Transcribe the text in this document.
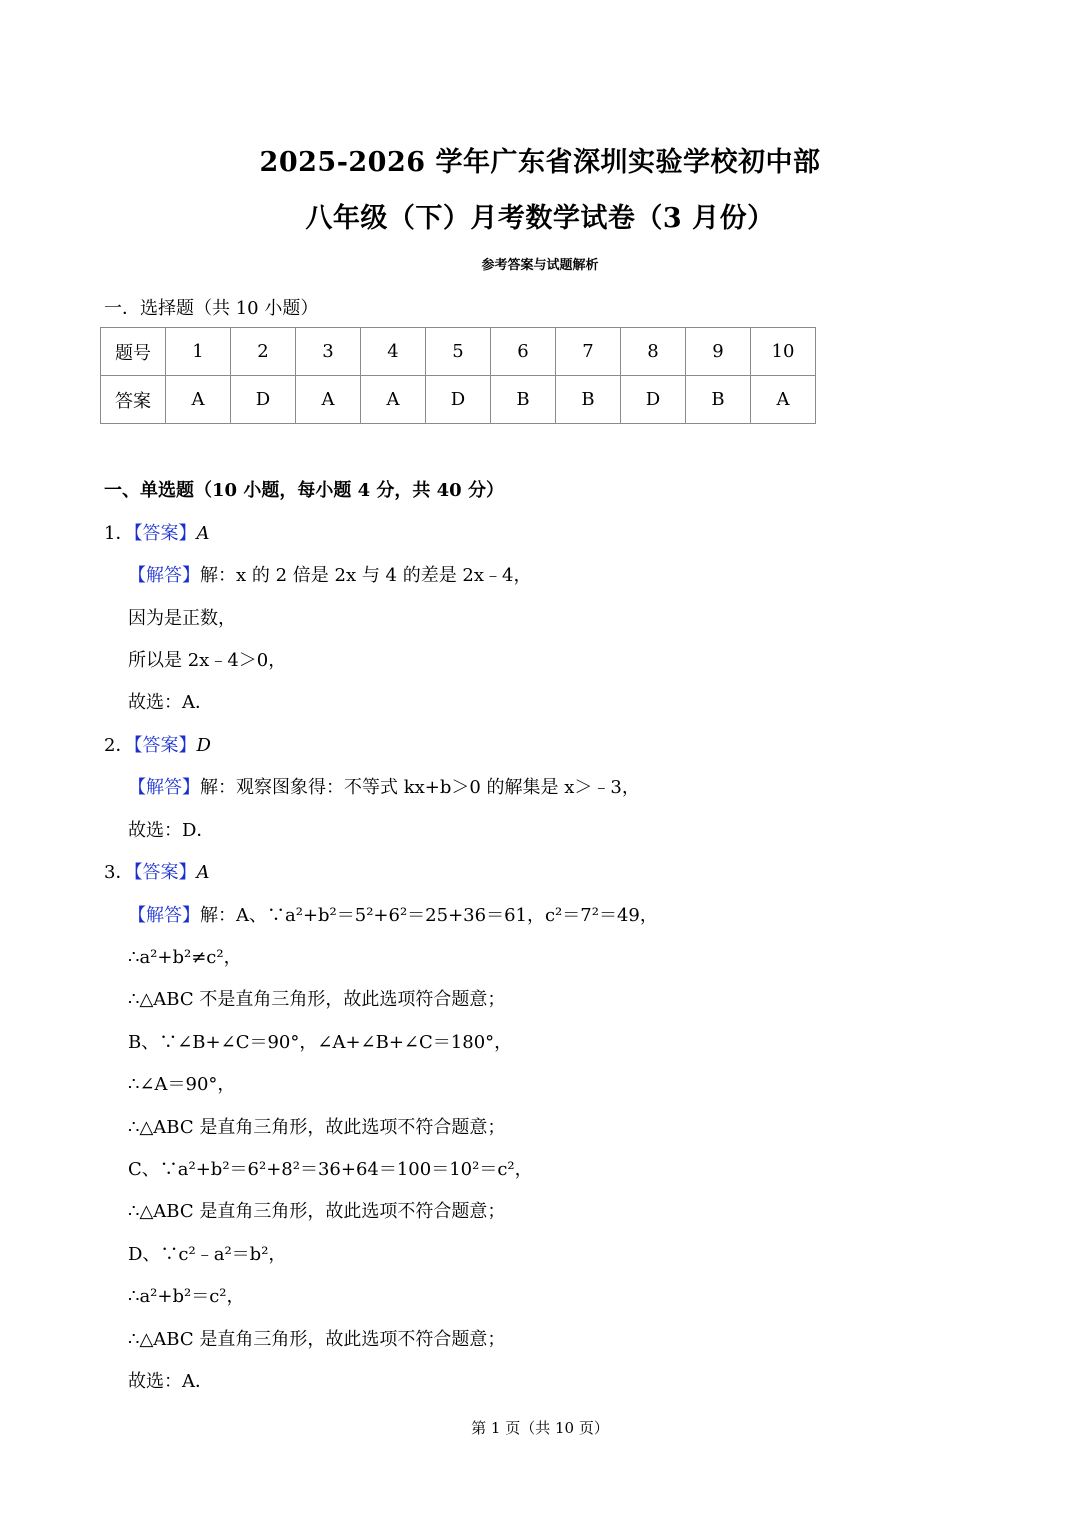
2025-2026 学年广东省深圳实验学校初中部
八年级（下）月考数学试卷（3 月份）
参考答案与试题解析
一．选择题（共 10 小题）
题号	1	2	3	4	5	6	7	8	9	10
答案	A	D	A	A	D	B	B	D	B	A
一、单选题（10 小题，每小题 4 分，共 40 分）
1．【答案】A
【解答】解：x 的 2 倍是 2x 与 4 的差是 2x﹣4，
因为是正数，
所以是 2x﹣4＞0，
故选：A．
2．【答案】D
【解答】解：观察图象得：不等式 kx+b＞0 的解集是 x＞﹣3，
故选：D．
3．【答案】A
【解答】解：A、∵a²+b²＝5²+6²＝25+36＝61，c²＝7²＝49，
∴a²+b²≠c²，
∴△ABC 不是直角三角形，故此选项符合题意；
B、∵∠B+∠C＝90°，∠A+∠B+∠C＝180°，
∴∠A＝90°，
∴△ABC 是直角三角形，故此选项不符合题意；
C、∵a²+b²＝6²+8²＝36+64＝100＝10²＝c²，
∴△ABC 是直角三角形，故此选项不符合题意；
D、∵c²﹣a²＝b²，
∴a²+b²＝c²，
∴△ABC 是直角三角形，故此选项不符合题意；
故选：A．
第 1 页（共 10 页）
